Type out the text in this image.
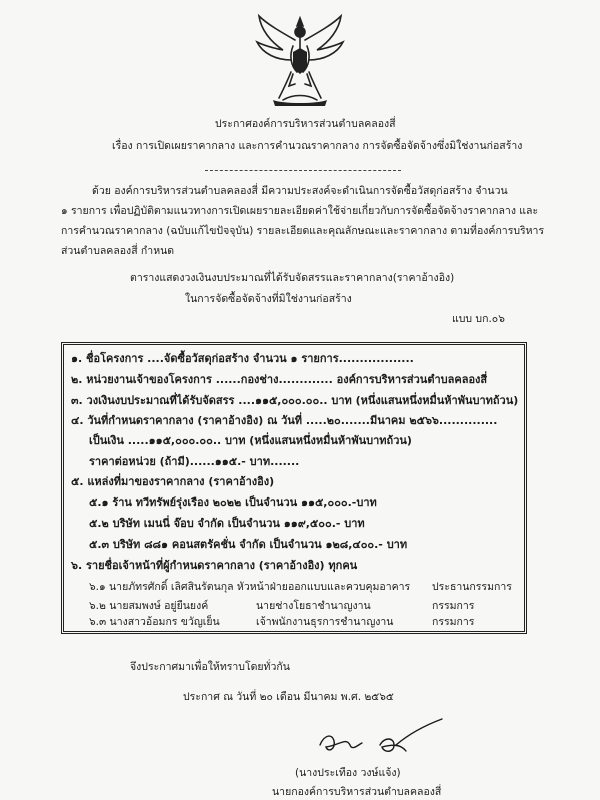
ประกาศองค์การบริหารส่วนตำบลคลองสี่
เรื่อง การเปิดเผยราคากลาง และการคำนวณราคากลาง การจัดซื้อจัดจ้างซึ่งมิใช่งานก่อสร้าง
ด้วย องค์การบริหารส่วนตำบลคลองสี่ มีความประสงค์จะดำเนินการจัดซื้อวัสดุก่อสร้าง จำนวน
๑ รายการ เพื่อปฏิบัติตามแนวทางการเปิดเผยรายละเอียดค่าใช้จ่ายเกี่ยวกับการจัดซื้อจัดจ้างราคากลาง และ
การคำนวณราคากลาง (ฉบับแก้ไขปัจจุบัน) รายละเอียดและคุณลักษณะและราคากลาง ตามที่องค์การบริหาร
ส่วนตำบลคลองสี่ กำหนด
ตารางแสดงวงเงินงบประมาณที่ได้รับจัดสรรและราคากลาง(ราคาอ้างอิง)
ในการจัดซื้อจัดจ้างที่มิใช่งานก่อสร้าง
แบบ บก.๐๖
๑. ชื่อโครงการ ....จัดซื้อวัสดุก่อสร้าง จำนวน ๑ รายการ..................
๒. หน่วยงานเจ้าของโครงการ ......กองช่าง............. องค์การบริหารส่วนตำบลคลองสี่
๓. วงเงินงบประมาณที่ได้รับจัดสรร ....๑๑๕,๐๐๐.๐๐.. บาท (หนึ่งแสนหนึ่งหมื่นห้าพันบาทถ้วน)
๔. วันที่กำหนดราคากลาง (ราคาอ้างอิง) ณ วันที่ .....๒๐.......มีนาคม ๒๕๖๖..............
เป็นเงิน .....๑๑๕,๐๐๐.๐๐.. บาท (หนึ่งแสนหนึ่งหมื่นห้าพันบาทถ้วน)
ราคาต่อหน่วย (ถ้ามี)......๑๑๕.- บาท.......
๕. แหล่งที่มาของราคากลาง (ราคาอ้างอิง)
๕.๑ ร้าน ทวีทรัพย์รุ่งเรือง ๒๐๒๒ เป็นจำนวน ๑๑๕,๐๐๐.-บาท
๕.๒ บริษัท เมนนี่ จ๊อบ จำกัด เป็นจำนวน ๑๑๙,๕๐๐.- บาท
๕.๓ บริษัท ๘๘๑ คอนสตรัคชั่น จำกัด เป็นจำนวน ๑๒๘,๔๐๐.- บาท
๖. รายชื่อเจ้าหน้าที่ผู้กำหนดราคากลาง (ราคาอ้างอิง) ทุกคน
๖.๑ นายภัทรศักดิ์ เลิศสินรัตนกุล หัวหน้าฝ่ายออกแบบและควบคุมอาคาร ประธานกรรมการ
๖.๒ นายสมพงษ์ อยู่ยืนยงค์	นายช่างโยธาชำนาญงาน	กรรมการ
๖.๓ นางสาวอ้อมกร ขวัญเย็น	เจ้าพนักงานธุรการชำนาญงาน	กรรมการ
จึงประกาศมาเพื่อให้ทราบโดยทั่วกัน
ประกาศ ณ วันที่ ๒๐ เดือน มีนาคม พ.ศ. ๒๕๖๕
(นางประเทือง วงษ์แจ้ง)
นายกองค์การบริหารส่วนตำบลคลองสี่
